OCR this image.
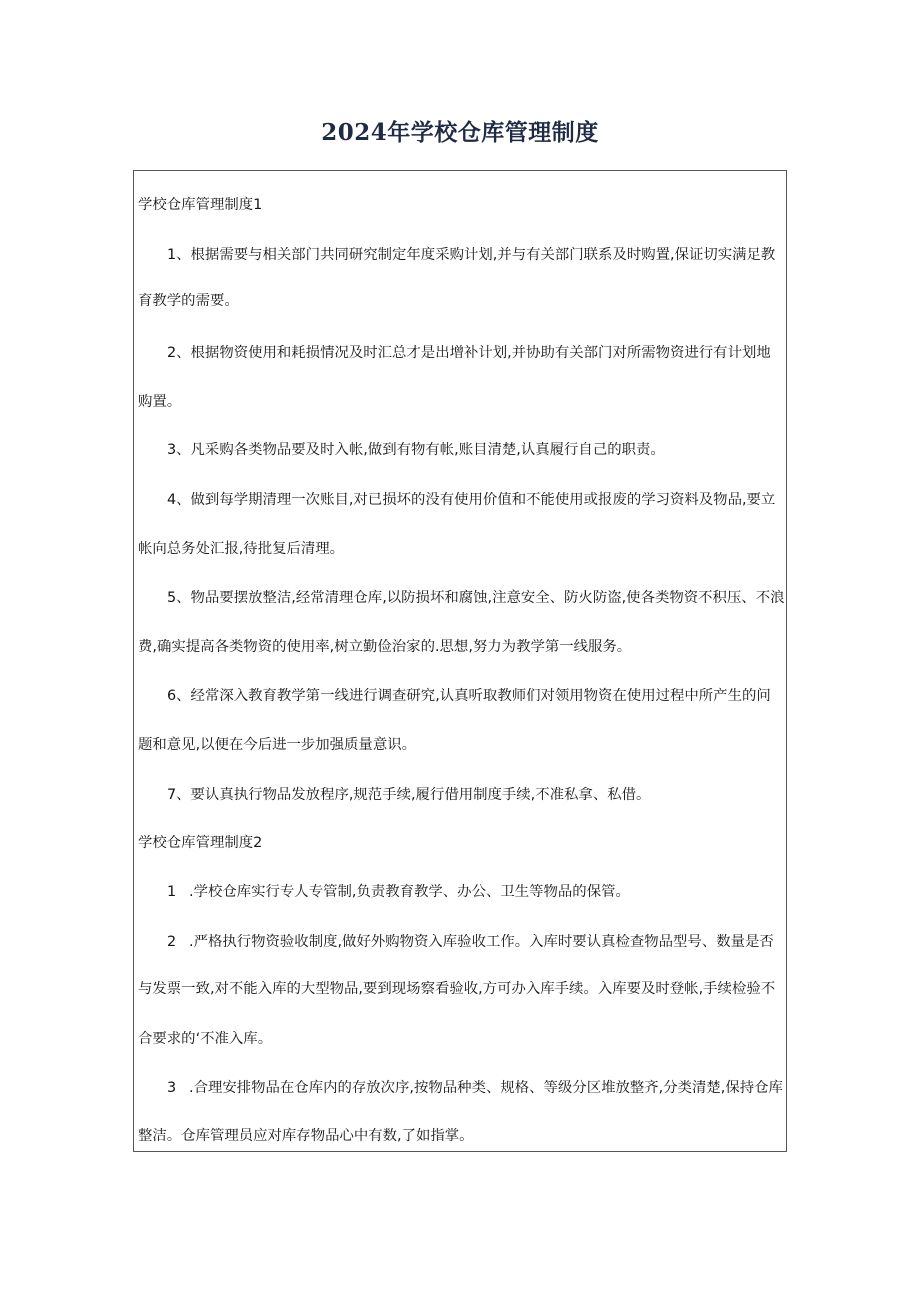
2024年学校仓库管理制度
学校仓库管理制度1
1、根据需要与相关部门共同研究制定年度采购计划,并与有关部门联系及时购置,保证切实满足教
育教学的需要。
2、根据物资使用和耗损情况及时汇总才是出增补计划,并协助有关部门对所需物资进行有计划地
购置。
3、凡采购各类物品要及时入帐,做到有物有帐,账目清楚,认真履行自己的职责。
4、做到每学期清理一次账目,对已损坏的没有使用价值和不能使用或报废的学习资料及物品,要立
帐向总务处汇报,待批复后清理。
5、物品要摆放整洁,经常清理仓库,以防损坏和腐蚀,注意安全、防火防盗,使各类物资不积压、不浪
费,确实提高各类物资的使用率,树立勤俭治家的.思想,努力为教学第一线服务。
6、经常深入教育教学第一线进行调查研究,认真听取教师们对领用物资在使用过程中所产生的问
题和意见,以便在今后进一步加强质量意识。
7、要认真执行物品发放程序,规范手续,履行借用制度手续,不准私拿、私借。
学校仓库管理制度2
1 .学校仓库实行专人专管制,负责教育教学、办公、卫生等物品的保管。
2 .严格执行物资验收制度,做好外购物资入库验收工作。入库时要认真检查物品型号、数量是否
与发票一致,对不能入库的大型物品,要到现场察看验收,方可办入库手续。入库要及时登帐,手续检验不
合要求的‘不准入库。
3 .合理安排物品在仓库内的存放次序,按物品种类、规格、等级分区堆放整齐,分类清楚,保持仓库
整洁。仓库管理员应对库存物品心中有数,了如指掌。
